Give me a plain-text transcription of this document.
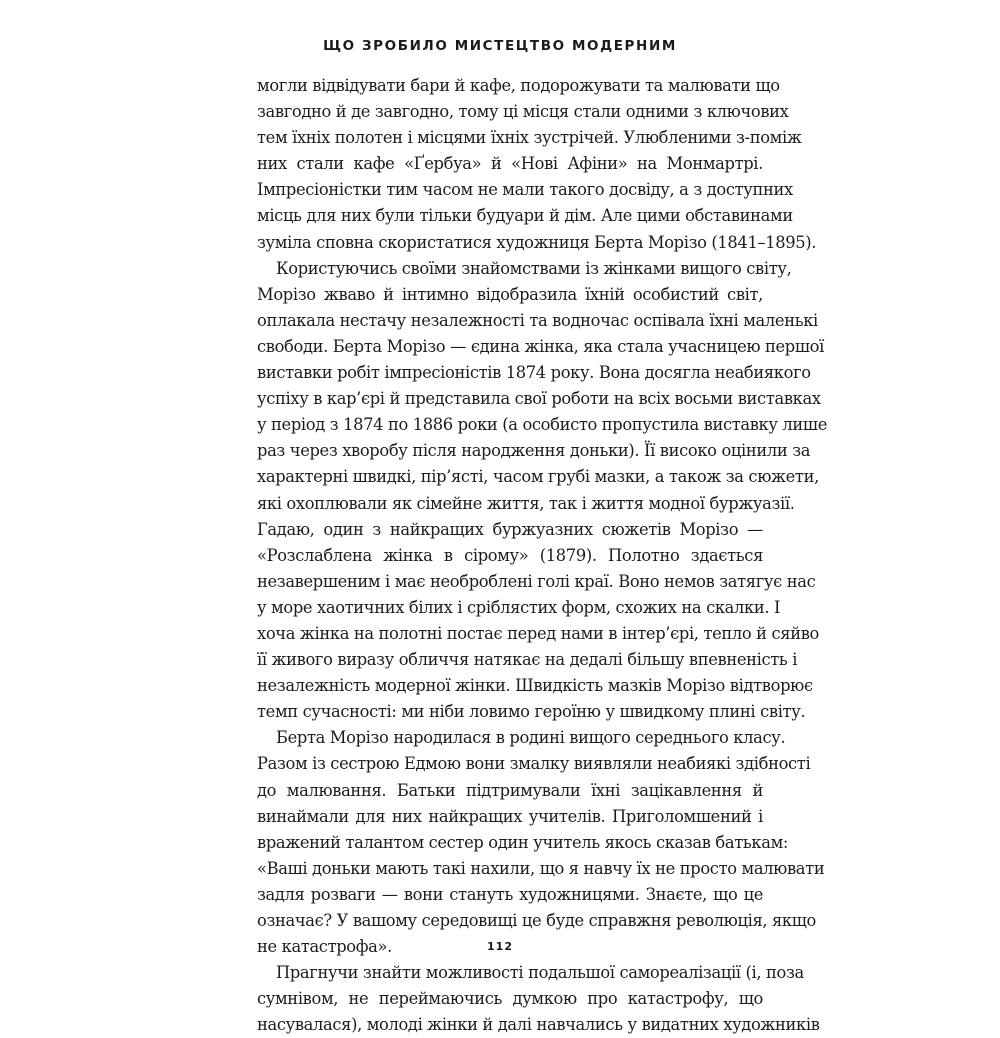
ЩО ЗРОБИЛО МИСТЕЦТВО МОДЕРНИМ
могли відвідувати бари й кафе, подорожувати та малювати що
завгодно й де завгодно, тому ці місця стали одними з ключових
тем їхніх полотен і місцями їхніх зустрічей. Улюбленими з-поміж
них стали кафе «Ґербуа» й «Нові Афіни» на Монмартрі.
Імпресіоністки тим часом не мали такого досвіду, а з доступних
місць для них були тільки будуари й дім. Але цими обставинами
зуміла сповна скористатися художниця Берта Морізо (1841–1895).
Користуючись своїми знайомствами із жінками вищого світу,
Морізо жваво й інтимно відобразила їхній особистий світ,
оплакала нестачу незалежності та водночас оспівала їхні маленькі
свободи. Берта Морізо — єдина жінка, яка стала учасницею першої
виставки робіт імпресіоністів 1874 року. Вона досягла неабиякого
успіху в кар’єрі й представила свої роботи на всіх восьми виставках
у період з 1874 по 1886 роки (а особисто пропустила виставку лише
раз через хворобу після народження доньки). Її високо оцінили за
характерні швидкі, пір’ясті, часом грубі мазки, а також за сюжети,
які охоплювали як сімейне життя, так і життя модної буржуазії.
Гадаю, один з найкращих буржуазних сюжетів Морізо —
«Розслаблена жінка в сірому» (1879). Полотно здається
незавершеним і має необроблені голі краї. Воно немов затягує нас
у море хаотичних білих і сріблястих форм, схожих на скалки. І
хоча жінка на полотні постає перед нами в інтер’єрі, тепло й сяйво
її живого виразу обличчя натякає на дедалі більшу впевненість і
незалежність модерної жінки. Швидкість мазків Морізо відтворює
темп сучасності: ми ніби ловимо героїню у швидкому плині світу.
Берта Морізо народилася в родині вищого середнього класу.
Разом із сестрою Едмою вони змалку виявляли неабиякі здібності
до малювання. Батьки підтримували їхні зацікавлення й
винаймали для них найкращих учителів. Приголомшений і
вражений талантом сестер один учитель якось сказав батькам:
«Ваші доньки мають такі нахили, що я навчу їх не просто малювати
задля розваги — вони стануть художницями. Знаєте, що це
означає? У вашому середовищі це буде справжня революція, якщо
не катастрофа».
Прагнучи знайти можливості подальшої самореалізації (і, поза
сумнівом, не переймаючись думкою про катастрофу, що
насувалася), молоді жінки й далі навчались у видатних художників
112
